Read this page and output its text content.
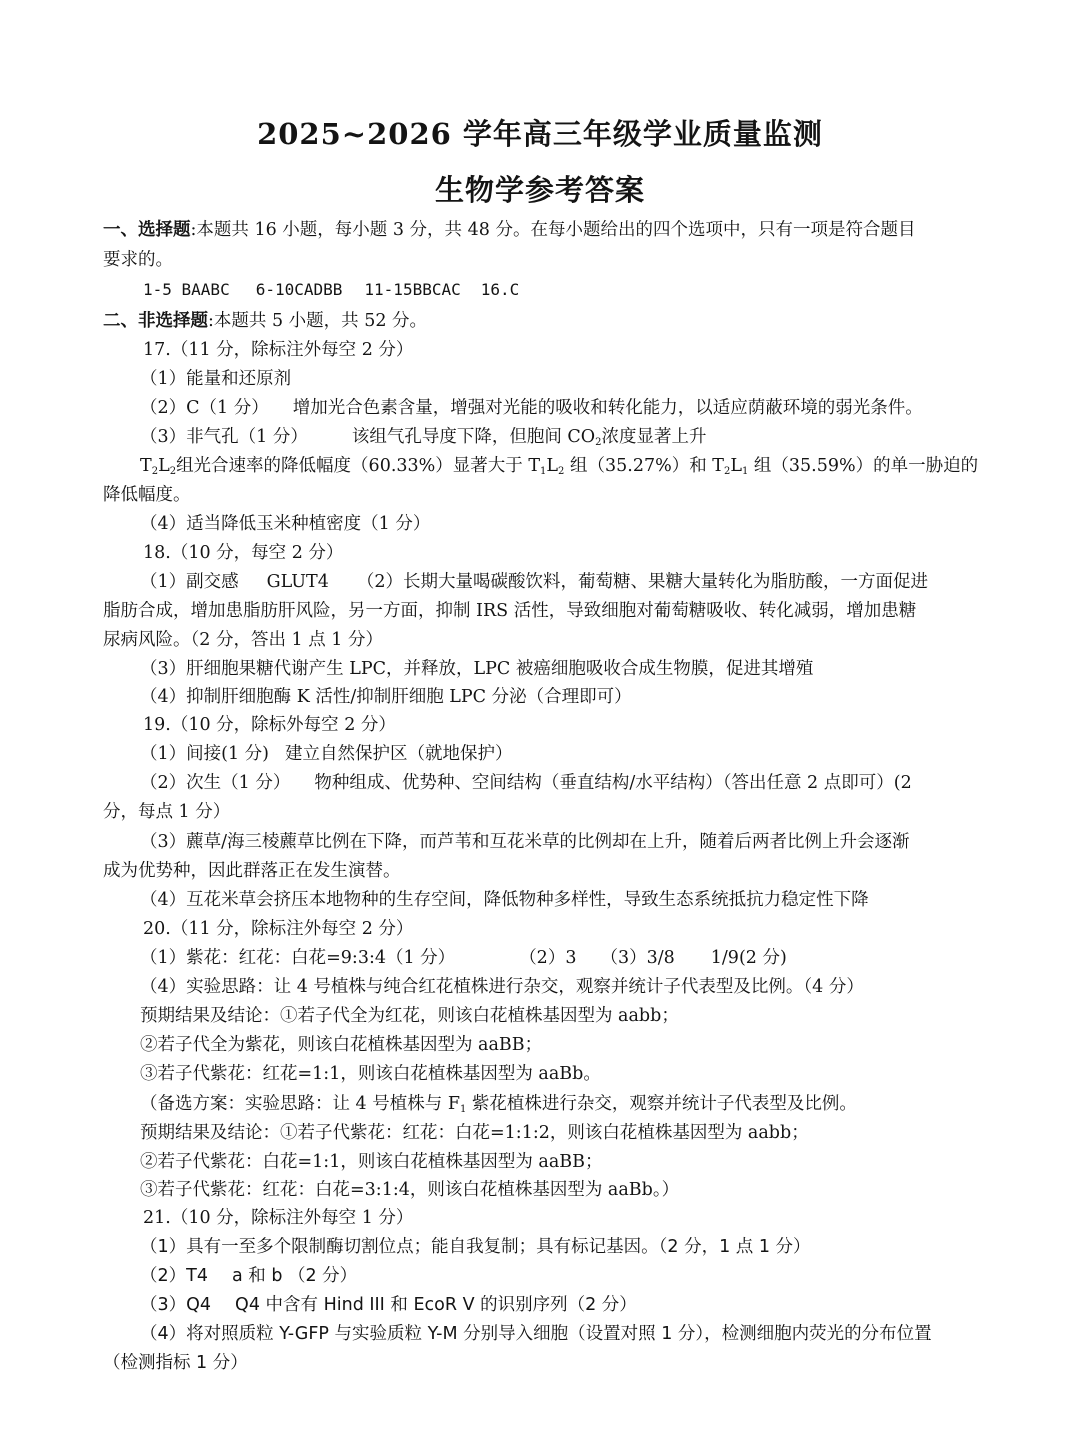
2025~2026 学年高三年级学业质量监测
生物学参考答案
一、选择题:本题共 16 小题，每小题 3 分，共 48 分。在每小题给出的四个选项中，只有一项是符合题目
要求的。
1-5 BAABC 6-10CADBB 11-15BBCAC 16.C
二、非选择题:本题共 5 小题，共 52 分。
17.（11 分，除标注外每空 2 分）
（1）能量和还原剂
（2）C（1 分） 增加光合色素含量，增强对光能的吸收和转化能力，以适应荫蔽环境的弱光条件。
（3）非气孔（1 分）	该组气孔导度下降，但胞间 $CO_2$浓度显著上升
$T_2L_2$组光合速率的降低幅度（60.33%）显著大于 $T_1L_2$ 组（35.27%）和 $T_2L_1$ 组（35.59%）的单一胁迫的
降低幅度。
（4）适当降低玉米种植密度（1 分）
18.（10 分，每空 2 分）
（1）副交感 GLUT4 （2）长期大量喝碳酸饮料，葡萄糖、果糖大量转化为脂肪酸，一方面促进
脂肪合成，增加患脂肪肝风险，另一方面，抑制 IRS 活性，导致细胞对葡萄糖吸收、转化减弱，增加患糖
尿病风险。（2 分，答出 1 点 1 分）
（3）肝细胞果糖代谢产生 LPC，并释放，LPC 被癌细胞吸收合成生物膜，促进其增殖
（4）抑制肝细胞酶 K 活性/抑制肝细胞 LPC 分泌（合理即可）
19.（10 分，除标外每空 2 分）
（1）间接(1 分) 建立自然保护区（就地保护）
（2）次生（1 分） 物种组成、优势种、空间结构（垂直结构/水平结构）（答出任意 2 点即可）(2
分，每点 1 分）
（3）藨草/海三棱藨草比例在下降，而芦苇和互花米草的比例却在上升，随着后两者比例上升会逐渐
成为优势种，因此群落正在发生演替。
（4）互花米草会挤压本地物种的生存空间，降低物种多样性，导致生态系统抵抗力稳定性下降
20.（11 分，除标注外每空 2 分）
（1）紫花：红花：白花=9:3:4（1 分）	（2）3 （3）3/8 1/9(2 分)
（4）实验思路：让 4 号植株与纯合红花植株进行杂交，观察并统计子代表型及比例。（4 分）
预期结果及结论：①若子代全为红花，则该白花植株基因型为 aabb；
②若子代全为紫花，则该白花植株基因型为 aaBB；
③若子代紫花：红花=1:1，则该白花植株基因型为 aaBb。
（备选方案：实验思路：让 4 号植株与 $F_1$ 紫花植株进行杂交，观察并统计子代表型及比例。
预期结果及结论：①若子代紫花：红花：白花=1:1:2，则该白花植株基因型为 aabb；
②若子代紫花：白花=1:1，则该白花植株基因型为 aaBB；
③若子代紫花：红花：白花=3:1:4，则该白花植株基因型为 aaBb。）
21.（10 分，除标注外每空 1 分）
（1）具有一至多个限制酶切割位点；能自我复制；具有标记基因。（2 分，1 点 1 分）
（2）T4 a 和 b （2 分）
（3）Q4 Q4 中含有 Hind III 和 EcoR V 的识别序列（2 分）
（4）将对照质粒 Y-GFP 与实验质粒 Y-M 分别导入细胞（设置对照 1 分），检测细胞内荧光的分布位置
（检测指标 1 分）
